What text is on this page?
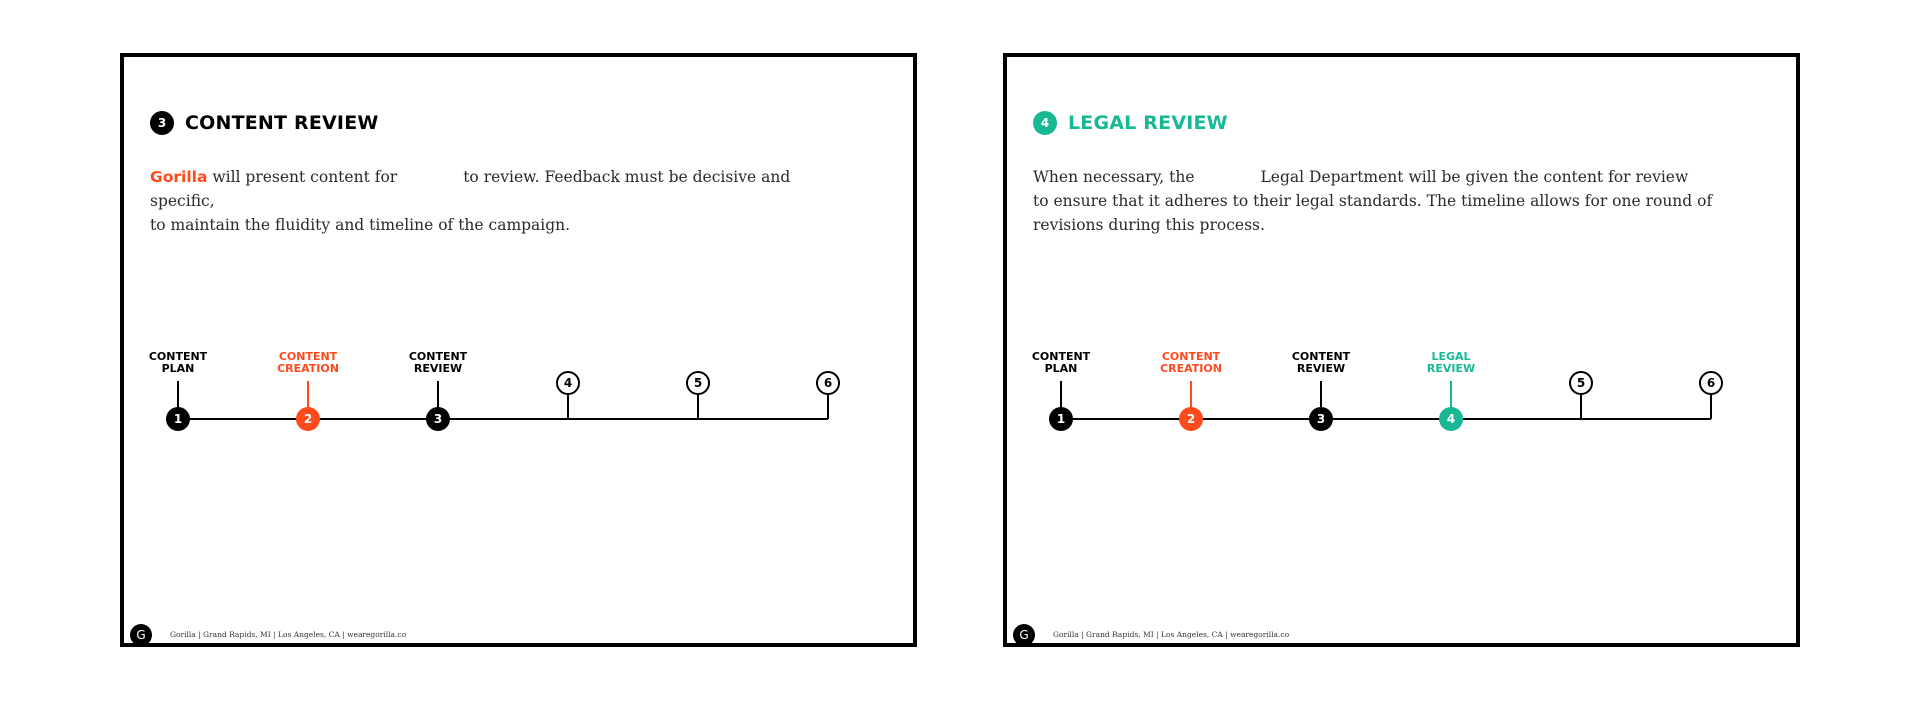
3 CONTENT REVIEW

Gorilla will present content for	to review. Feedback must be decisive and specific,
to maintain the fluidity and timeline of the campaign.

1
CONTENT
PLAN
2
CONTENT
CREATION
3
CONTENT
REVIEW
4	5	6
G	Gorilla | Grand Rapids, MI | Los Angeles, CA | wearegorilla.co
4 LEGAL REVIEW

When necessary, the	Legal Department will be given the content for review
to ensure that it adheres to their legal standards. The timeline allows for one round of
revisions during this process.

1
CONTENT
PLAN
2
CONTENT
CREATION
3
CONTENT
REVIEW
4
LEGAL
REVIEW
5	6
G	Gorilla | Grand Rapids, MI | Los Angeles, CA | wearegorilla.co
